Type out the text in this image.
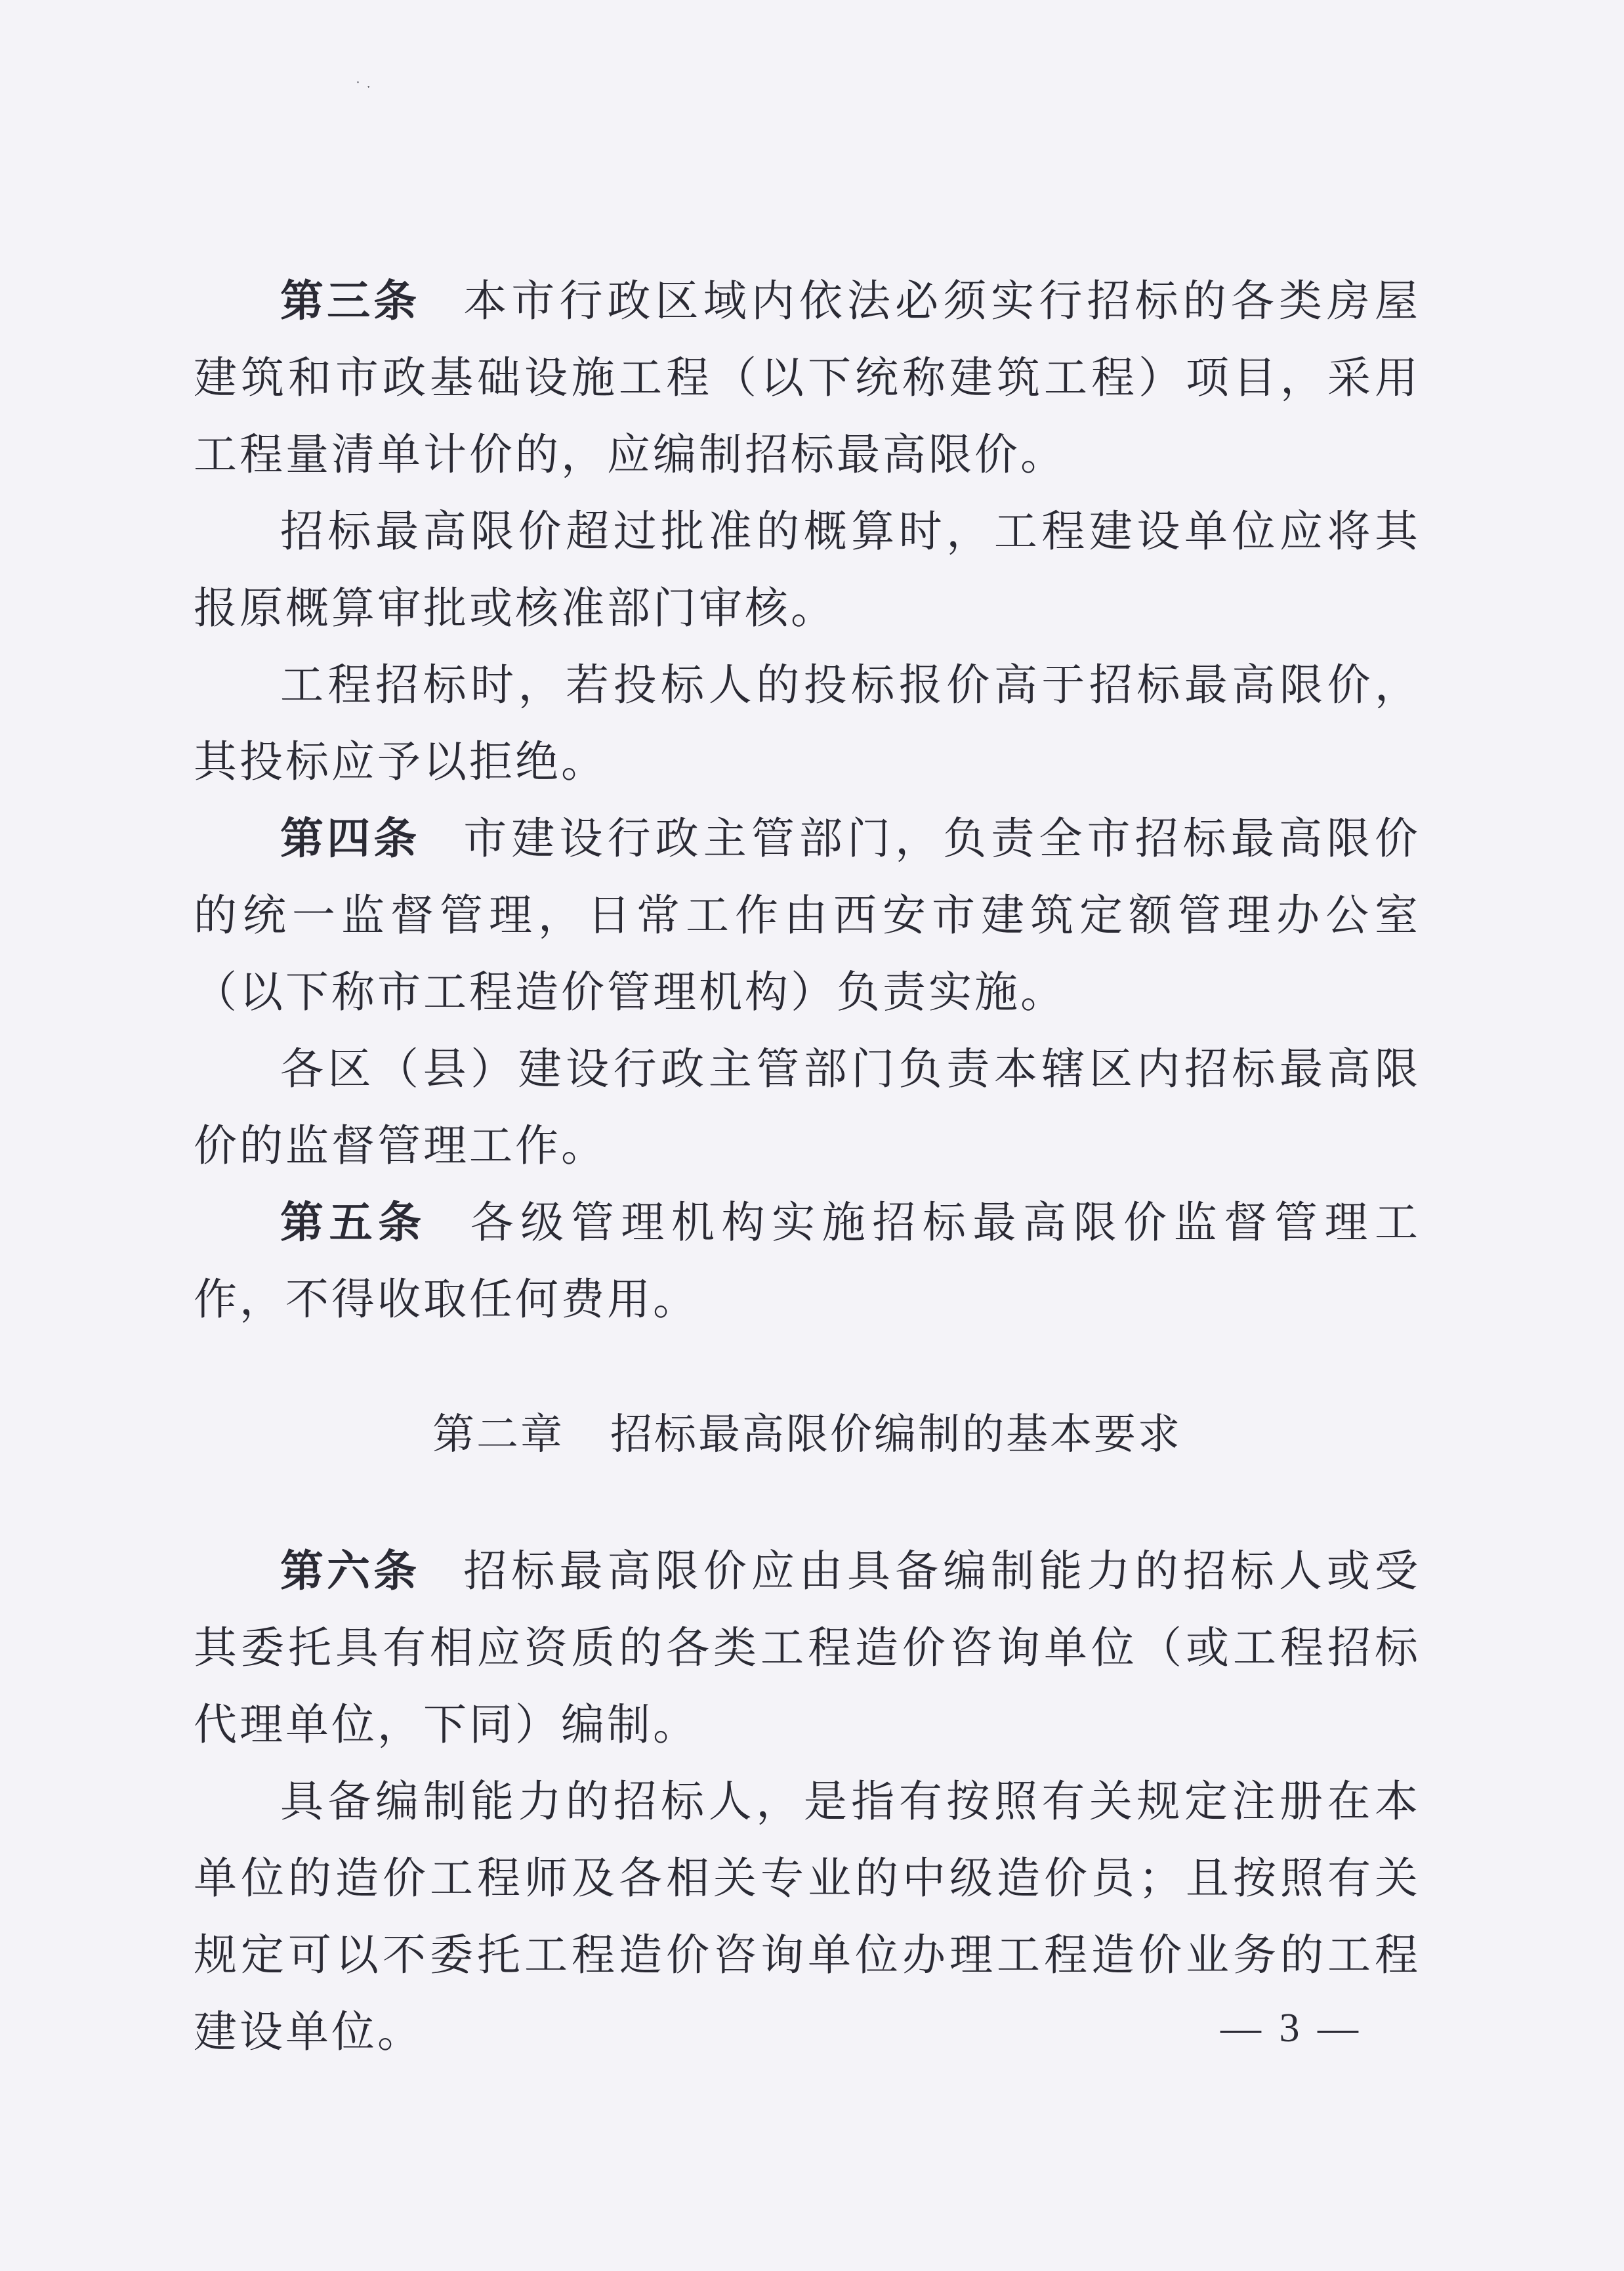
˙ ˑ

第三条 本市行政区域内依法必须实行招标的各类房屋建筑和市政基础设施工程（以下统称建筑工程）项目，采用工程量清单计价的，应编制招标最高限价。

招标最高限价超过批准的概算时，工程建设单位应将其报原概算审批或核准部门审核。

工程招标时，若投标人的投标报价高于招标最高限价，其投标应予以拒绝。

第四条 市建设行政主管部门，负责全市招标最高限价的统一监督管理，日常工作由西安市建筑定额管理办公室（以下称市工程造价管理机构）负责实施。

各区（县）建设行政主管部门负责本辖区内招标最高限价的监督管理工作。

第五条 各级管理机构实施招标最高限价监督管理工作，不得收取任何费用。

第二章 招标最高限价编制的基本要求

第六条 招标最高限价应由具备编制能力的招标人或受其委托具有相应资质的各类工程造价咨询单位（或工程招标代理单位，下同）编制。

具备编制能力的招标人，是指有按照有关规定注册在本单位的造价工程师及各相关专业的中级造价员；且按照有关规定可以不委托工程造价咨询单位办理工程造价业务的工程建设单位。	— 3 —
